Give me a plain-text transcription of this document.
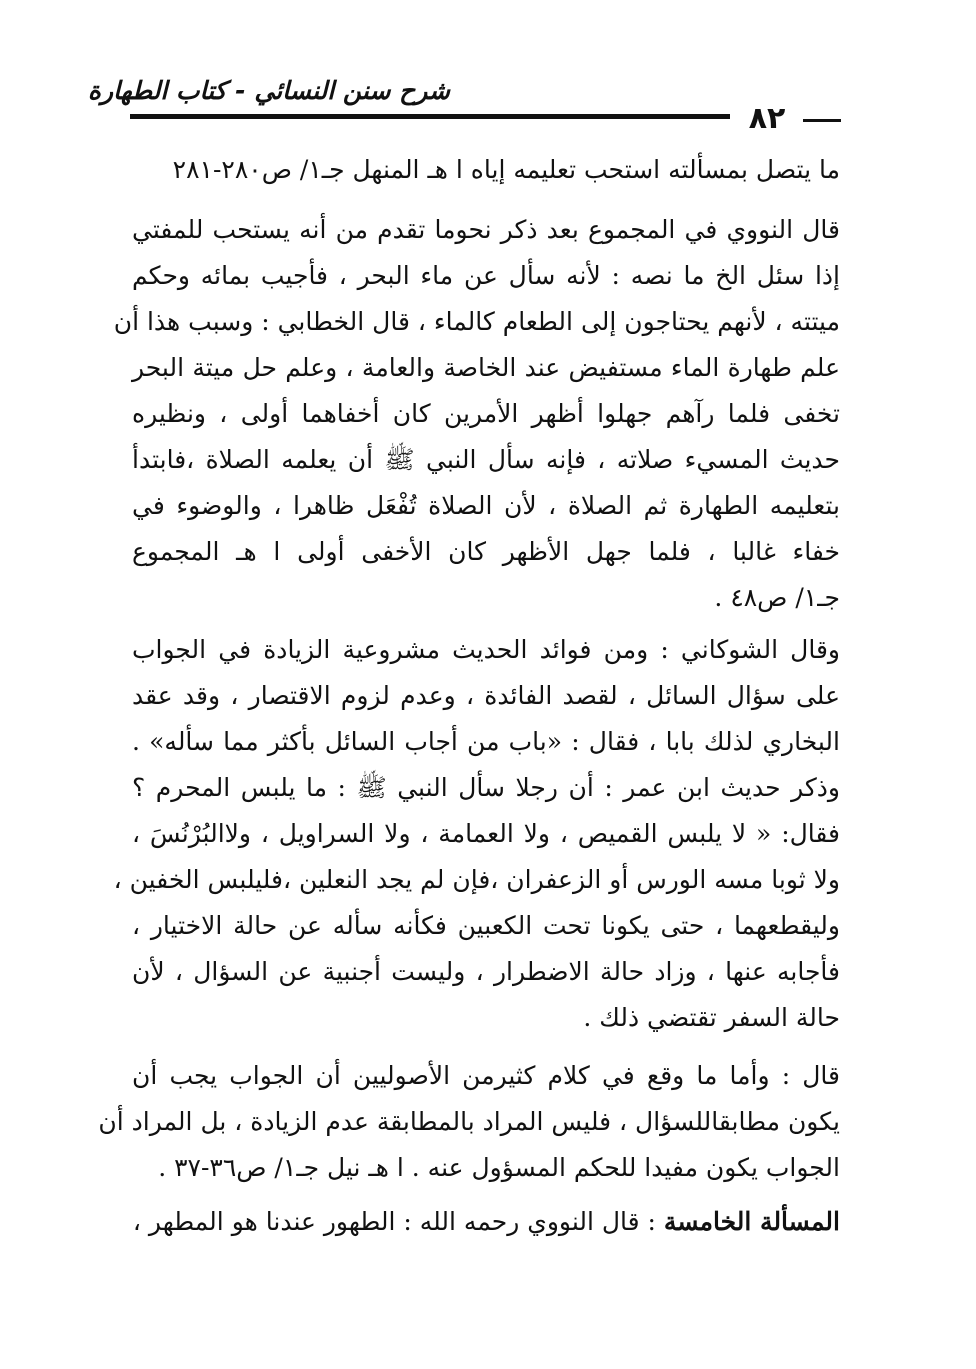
شرح سنن النسائي - كتاب الطهارة
٨٢
ما يتصل بمسألته استحب تعليمه إياه ا هـ المنهل جـ١/ ص٢٨٠-٢٨١
قال النووي في المجموع بعد ذكر نحوما تقدم من أنه يستحب للمفتي
إذا سئل الخ ما نصه : لأنه سأل عن ماء البحر ، فأجيب بمائه وحكم
ميتته ، لأنهم يحتاجون إلى الطعام كالماء ، قال الخطابي : وسبب هذا أن
علم طهارة الماء مستفيض عند الخاصة والعامة ، وعلم حل ميتة البحر
تخفى فلما رآهم جهلوا أظهر الأمرين كان أخفاهما أولى ، ونظيره
حديث المسيء صلاته ، فإنه سأل النبي ﷺ أن يعلمه الصلاة ،فابتدأ
بتعليمه الطهارة ثم الصلاة ، لأن الصلاة تُفْعَل ظاهرا ، والوضوء في
خفاء غالبا ، فلما جهل الأظهر كان الأخفى أولى ا هـ المجموع
جـ١/ ص٤٨ .
وقال الشوكاني : ومن فوائد الحديث مشروعية الزيادة في الجواب
على سؤال السائل ، لقصد الفائدة ، وعدم لزوم الاقتصار ، وقد عقد
البخاري لذلك بابا ، فقال : «باب من أجاب السائل بأكثر مما سأله» .
وذكر حديث ابن عمر : أن رجلا سأل النبي ﷺ : ما يلبس المحرم ؟
فقال: « لا يلبس القميص ، ولا العمامة ، ولا السراويل ، ولاالبُرْنُسَ ،
ولا ثوبا مسه الورس أو الزعفران ،فإن لم يجد النعلين ،فليلبس الخفين ،
وليقطعهما ، حتى يكونا تحت الكعبين فكأنه سأله عن حالة الاختيار ،
فأجابه عنها ، وزاد حالة الاضطرار ، وليست أجنبية عن السؤال ، لأن
حالة السفر تقتضي ذلك .
قال : وأما ما وقع في كلام كثيرمن الأصوليين أن الجواب يجب أن
يكون مطابقاللسؤال ، فليس المراد بالمطابقة عدم الزيادة ، بل المراد أن
الجواب يكون مفيدا للحكم المسؤول عنه . ا هـ نيل جـ١/ ص٣٦-٣٧ .
المسألة الخامسة : قال النووي رحمه الله : الطهور عندنا هو المطهر ،
